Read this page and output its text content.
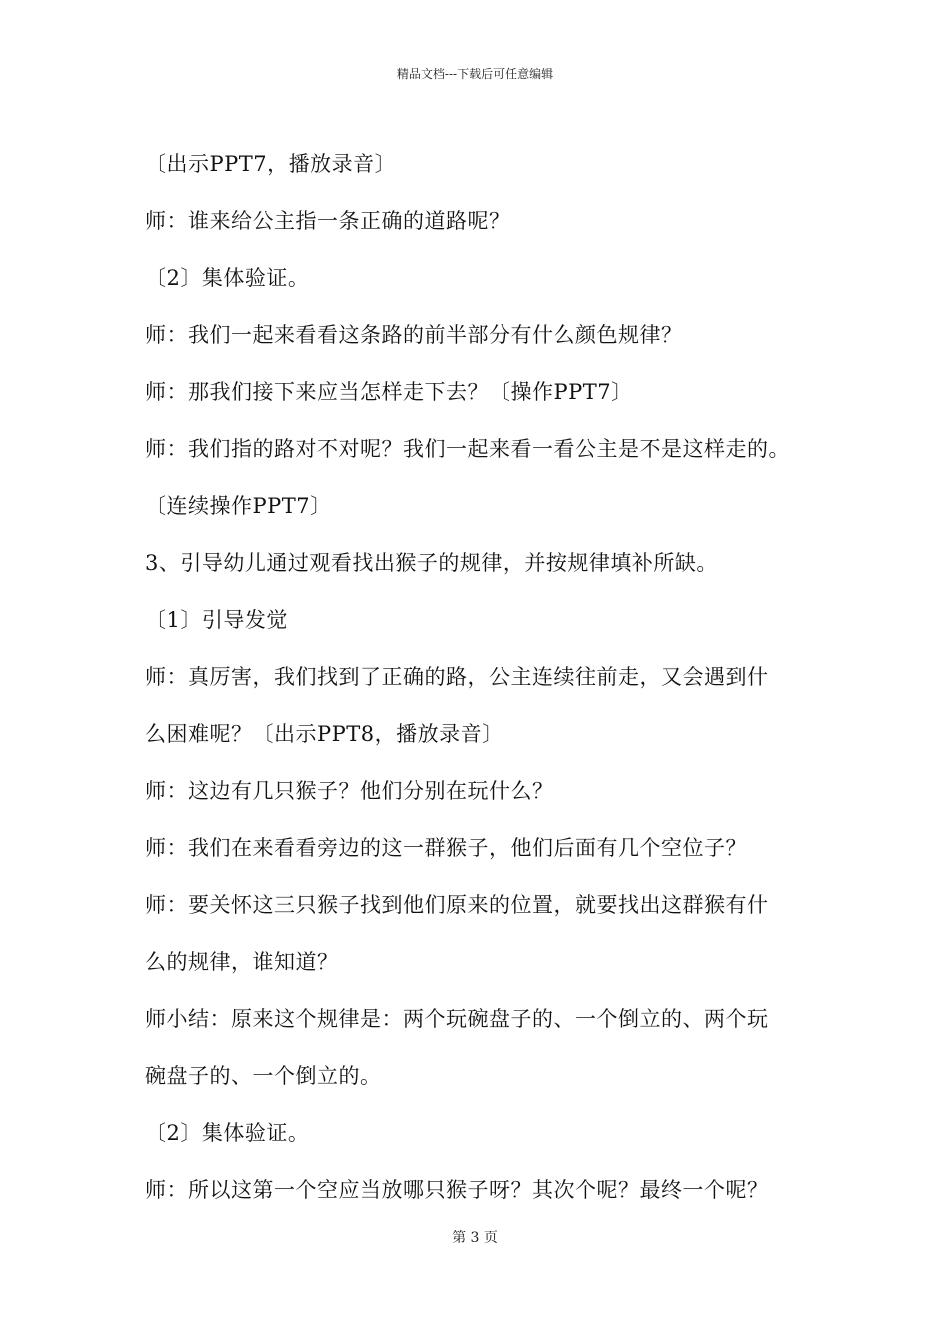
精品文档---下载后可任意编辑

〔出示PPT7，播放录音〕

师：谁来给公主指一条正确的道路呢？

〔2〕集体验证。

师：我们一起来看看这条路的前半部分有什么颜色规律？

师：那我们接下来应当怎样走下去？〔操作PPT7〕

师：我们指的路对不对呢？我们一起来看一看公主是不是这样走的。

〔连续操作PPT7〕

3、引导幼儿通过观看找出猴子的规律，并按规律填补所缺。

〔1〕引导发觉

师：真厉害，我们找到了正确的路，公主连续往前走，又会遇到什

么困难呢？〔出示PPT8，播放录音〕

师：这边有几只猴子？他们分别在玩什么？

师：我们在来看看旁边的这一群猴子，他们后面有几个空位子？

师：要关怀这三只猴子找到他们原来的位置，就要找出这群猴有什

么的规律，谁知道？

师小结：原来这个规律是：两个玩碗盘子的、一个倒立的、两个玩

碗盘子的、一个倒立的。

〔2〕集体验证。

师：所以这第一个空应当放哪只猴子呀？其次个呢？最终一个呢？

第 3 页
